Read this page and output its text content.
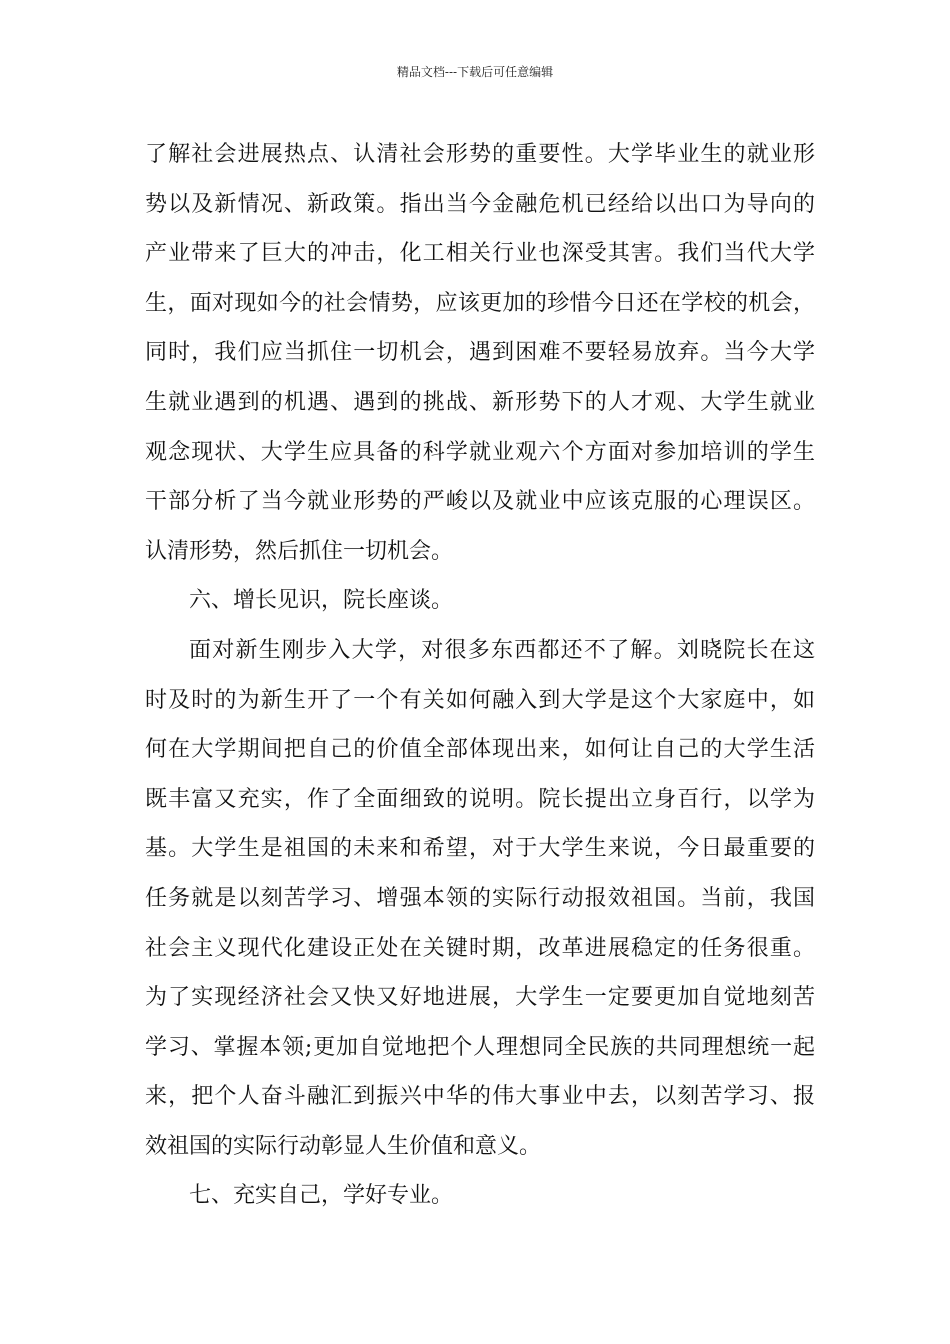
精品文档---下载后可任意编辑
了解社会进展热点、认清社会形势的重要性。大学毕业生的就业形
势以及新情况、新政策。指出当今金融危机已经给以出口为导向的
产业带来了巨大的冲击，化工相关行业也深受其害。我们当代大学
生，面对现如今的社会情势，应该更加的珍惜今日还在学校的机会，
同时，我们应当抓住一切机会，遇到困难不要轻易放弃。当今大学
生就业遇到的机遇、遇到的挑战、新形势下的人才观、大学生就业
观念现状、大学生应具备的科学就业观六个方面对参加培训的学生
干部分析了当今就业形势的严峻以及就业中应该克服的心理误区。
认清形势，然后抓住一切机会。
六、增长见识，院长座谈。
面对新生刚步入大学，对很多东西都还不了解。刘晓院长在这
时及时的为新生开了一个有关如何融入到大学是这个大家庭中，如
何在大学期间把自己的价值全部体现出来，如何让自己的大学生活
既丰富又充实，作了全面细致的说明。院长提出立身百行，以学为
基。大学生是祖国的未来和希望，对于大学生来说，今日最重要的
任务就是以刻苦学习、增强本领的实际行动报效祖国。当前，我国
社会主义现代化建设正处在关键时期，改革进展稳定的任务很重。
为了实现经济社会又快又好地进展，大学生一定要更加自觉地刻苦
学习、掌握本领;更加自觉地把个人理想同全民族的共同理想统一起
来，把个人奋斗融汇到振兴中华的伟大事业中去，以刻苦学习、报
效祖国的实际行动彰显人生价值和意义。
七、充实自己，学好专业。
